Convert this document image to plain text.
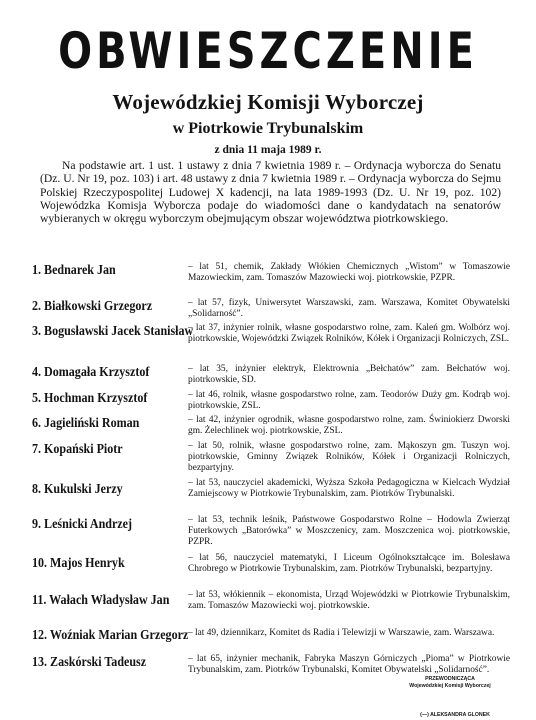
OBWIESZCZENIE
Wojewódzkiej Komisji Wyborczej
w Piotrkowie Trybunalskim
z dnia 11 maja 1989 r.

Na podstawie art. 1 ust. 1 ustawy z dnia 7 kwietnia 1989 r. – Ordynacja wyborcza do Senatu (Dz. U. Nr 19, poz. 103) i art. 48 ustawy z dnia 7 kwietnia 1989 r. – Ordynacja wyborcza do Sejmu Polskiej Rzeczypospolitej Ludowej X kadencji, na lata 1989-1993 (Dz. U. Nr 19, poz. 102) Wojewódzka Komisja Wyborcza podaje do wiadomości dane o kandydatach na senatorów wybieranych w okręgu wyborczym obejmującym obszar województwa piotrkowskiego.

1. Bednarek Jan	– lat 51, chemik, Zakłady Włókien Chemicznych „Wistom” w Tomaszowie Mazowieckim, zam. Tomaszów Mazowiecki woj. piotrkowskie, PZPR.
2. Białkowski Grzegorz	– lat 57, fizyk, Uniwersytet Warszawski, zam. Warszawa, Komitet Obywatelski „Solidarność”.
3. Bogusławski Jacek Stanisław
– lat 37, inżynier rolnik, własne gospodarstwo rolne, zam. Kaleń gm. Wolbórz woj. piotrkowskie, Wojewódzki Związek Rolników, Kółek i Organizacji Rolniczych, ZSL.
4. Domagała Krzysztof	– lat 35, inżynier elektryk, Elektrownia „Bełchatów” zam. Bełchatów woj. piotrkowskie, SD.
5. Hochman Krzysztof	– lat 46, rolnik, własne gospodarstwo rolne, zam. Teodorów Duży gm. Kodrąb woj. piotrkowskie, ZSL.
6. Jagieliński Roman	– lat 42, inżynier ogrodnik, własne gospodarstwo rolne, zam. Świniokierz Dworski gm. Żelechlinek woj. piotrkowskie, ZSL.
7. Kopański Piotr	– lat 50, rolnik, własne gospodarstwo rolne, zam. Mąkoszyn gm. Tuszyn woj. piotrkowskie, Gminny Związek Rolników, Kółek i Organizacji Rolniczych, bezpartyjny.
8. Kukulski Jerzy	– lat 53, nauczyciel akademicki, Wyższa Szkoła Pedagogiczna w Kielcach Wydział Zamiejscowy w Piotrkowie Trybunalskim, zam. Piotrków Trybunalski.
9. Leśnicki Andrzej	– lat 53, technik leśnik, Państwowe Gospodarstwo Rolne – Hodowla Zwierząt Futerkowych „Batorówka” w Moszczenicy, zam. Moszczenica woj. piotrkowskie, PZPR.
10. Majos Henryk	– lat 56, nauczyciel matematyki, I Liceum Ogólnokształcące im. Bolesława Chrobrego w Piotrkowie Trybunalskim, zam. Piotrków Trybunalski, bezpartyjny.
11. Wałach Władysław Jan – lat 53, włókiennik – ekonomista, Urząd Wojewódzki w Piotrkowie Trybunalskim, zam. Tomaszów Mazowiecki woj. piotrkowskie.
12. Woźniak Marian Grzegorz – lat 49, dziennikarz, Komitet ds Radia i Telewizji w Warszawie, zam. Warszawa.
13. Zaskórski Tadeusz	– lat 65, inżynier mechanik, Fabryka Maszyn Górniczych „Pioma” w Piotrkowie Trybunalskim, zam. Piotrków Trybunalski, Komitet Obywatelski „Solidarność”.
PRZEWODNICZĄCA
Wojewódzkiej Komisji Wyborczej
(—) ALEKSANDRA GLONEK
